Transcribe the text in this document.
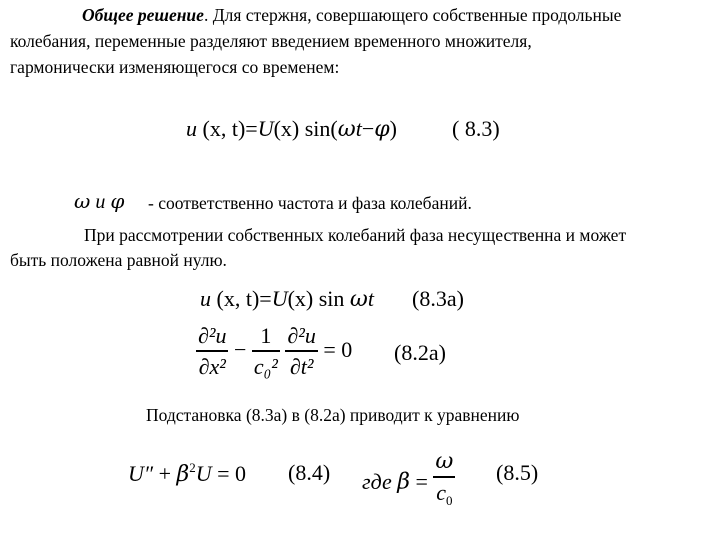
Общее решение. Для стержня, совершающего собственные продольные
колебания, переменные разделяют введением временного множителя,
гармонически изменяющегося со временем:
u (x, t)=U(x) sin(ωt−φ)	( 8.3)
ω и φ - соответственно частота и фаза колебаний.
При рассмотрении собственных колебаний фаза несущественна и может
быть положена равной нулю.
u (x, t)=U(x) sin ωt (8.3a)
$\frac{\text{∂²u}}{\text{∂x²}} - \frac{1}{\text{c₀²}}$
$\frac{\text{∂²u}}{\text{∂t²}} = 0$ (8.2a)
Подстановка (8.3а) в (8.2а) приводит к уравнению
$U'' + \beta^2U = 0$ (8.4) где $\beta = \frac{\omega}{c_0} (8.5)$
